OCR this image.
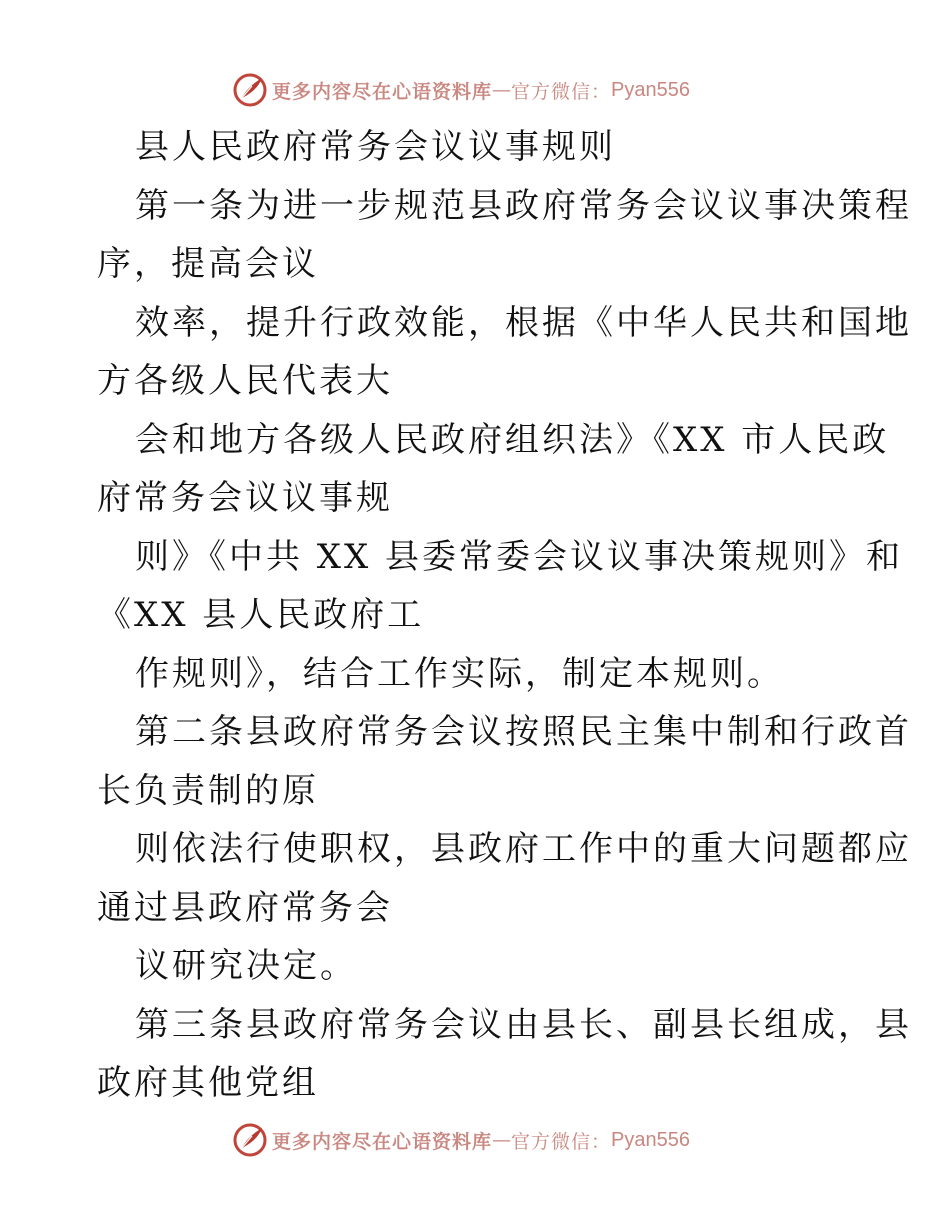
更多内容尽在心语资料库 — 官方微信： Pyan556
县人民政府常务会议议事规则
第一条为进一步规范县政府常务会议议事决策程
序，提高会议
效率，提升行政效能，根据《中华人民共和国地
方各级人民代表大
会和地方各级人民政府组织法》《XX 市人民政
府常务会议议事规
则》《中共 XX 县委常委会议议事决策规则》和
《XX 县人民政府工
作规则》，结合工作实际，制定本规则。
第二条县政府常务会议按照民主集中制和行政首
长负责制的原
则依法行使职权，县政府工作中的重大问题都应
通过县政府常务会
议研究决定。
第三条县政府常务会议由县长、副县长组成，县
政府其他党组
更多内容尽在心语资料库 — 官方微信： Pyan556
